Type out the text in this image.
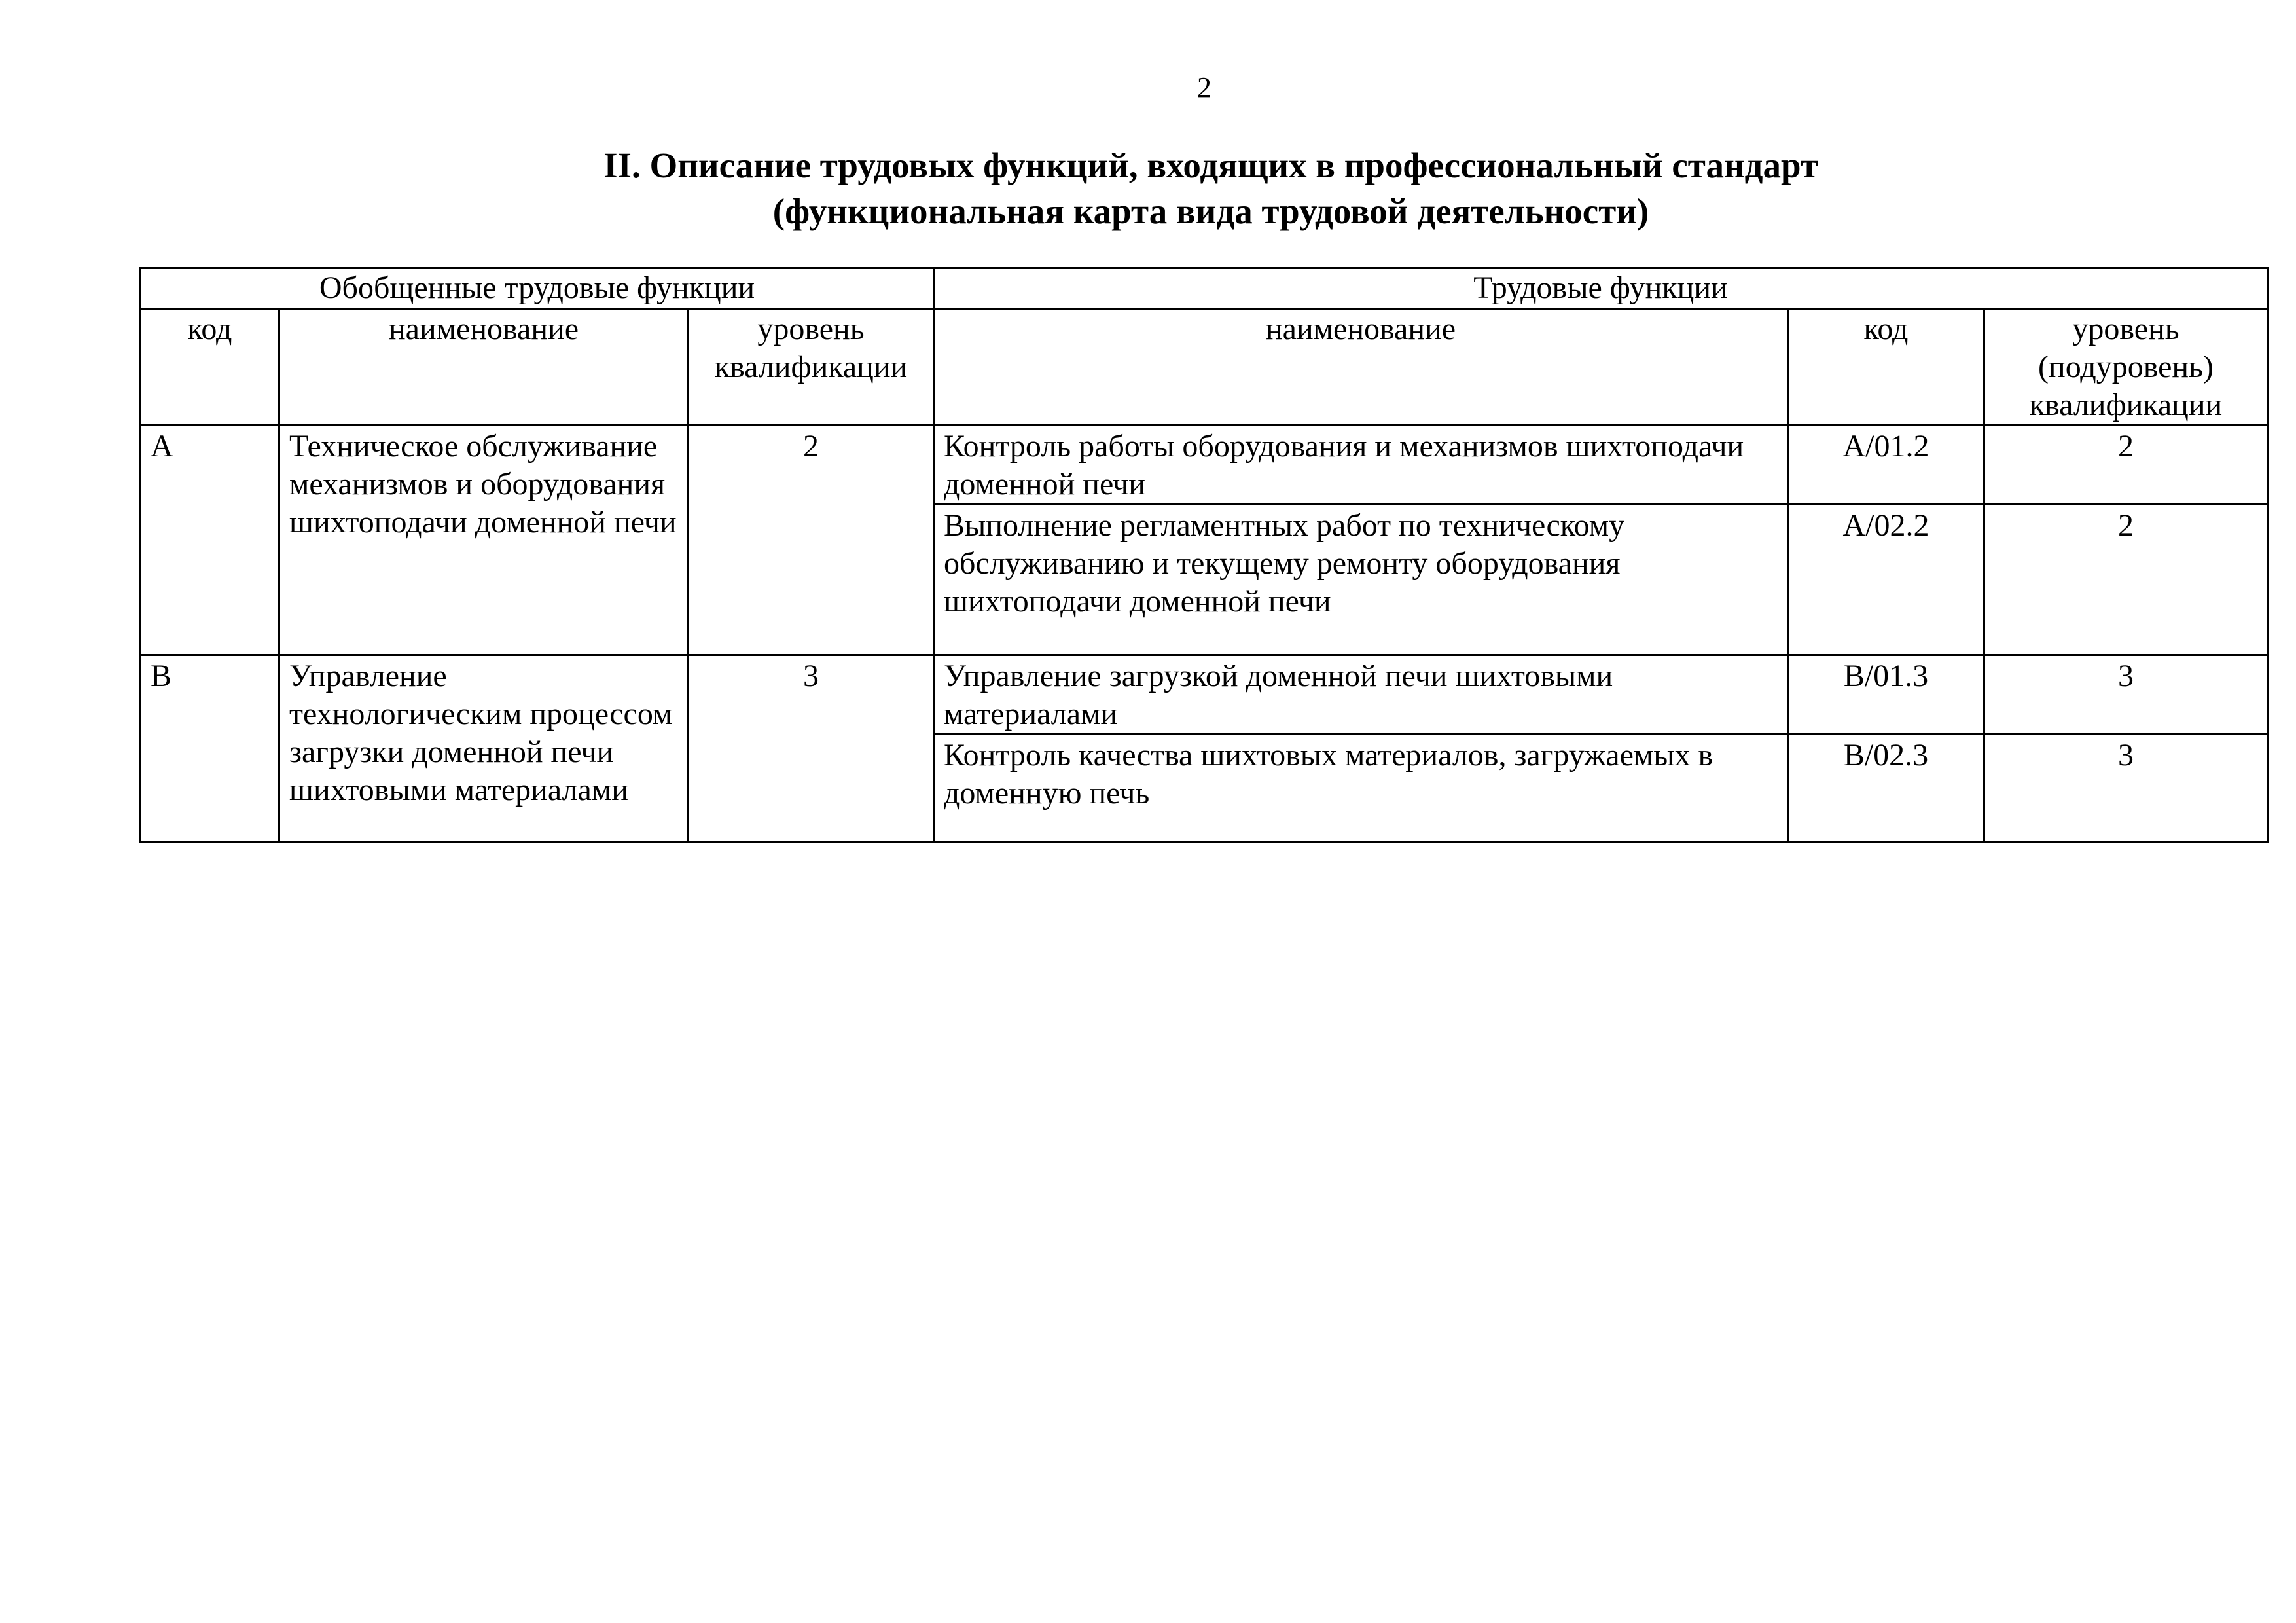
2
II. Описание трудовых функций, входящих в профессиональный стандарт
(функциональная карта вида трудовой деятельности)
Обобщенные трудовые функции			Трудовые функции		
код	наименование	уровень квалификации	наименование	код	уровень (подуровень) квалификации
A	Техническое обслуживание механизмов и оборудования шихтоподачи доменной печи	2	Контроль работы оборудования и механизмов шихтоподачи доменной печи	A/01.2	2
			Выполнение регламентных работ по техническому обслуживанию и текущему ремонту оборудования шихтоподачи доменной печи	A/02.2	2
B	Управление технологическим процессом загрузки доменной печи шихтовыми материалами	3	Управление загрузкой доменной печи шихтовыми материалами	B/01.3	3
			Контроль качества шихтовых материалов, загружаемых в доменную печь	B/02.3	3
